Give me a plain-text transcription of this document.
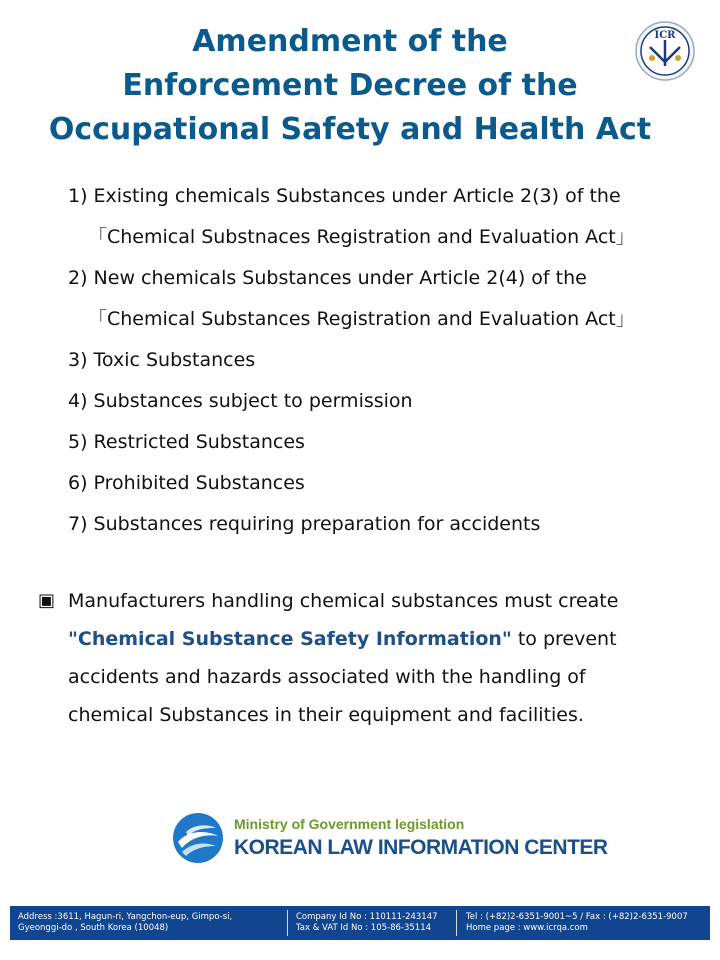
Amendment of the
Enforcement Decree of the
Occupational Safety and Health Act
ICR
1) Existing chemicals Substances under Article 2(3) of the
「Chemical Substnaces Registration and Evaluation Act」
2) New chemicals Substances under Article 2(4) of the
「Chemical Substances Registration and Evaluation Act」
3) Toxic Substances
4) Substances subject to permission
5) Restricted Substances
6) Prohibited Substances
7) Substances requiring preparation for accidents
▣ Manufacturers handling chemical substances must create
"Chemical Substance Safety Information" to prevent
accidents and hazards associated with the handling of
chemical Substances in their equipment and facilities.
Ministry of Government legislation
KOREAN LAW INFORMATION CENTER
Address :3611, Hagun-ri, Yangchon-eup, Gimpo-si,
Gyeonggi-do , South Korea (10048)
Company Id No : 110111-243147
Tax & VAT Id No : 105-86-35114
Tel : (+82)2-6351-9001~5 / Fax : (+82)2-6351-9007
Home page : www.icrqa.com
